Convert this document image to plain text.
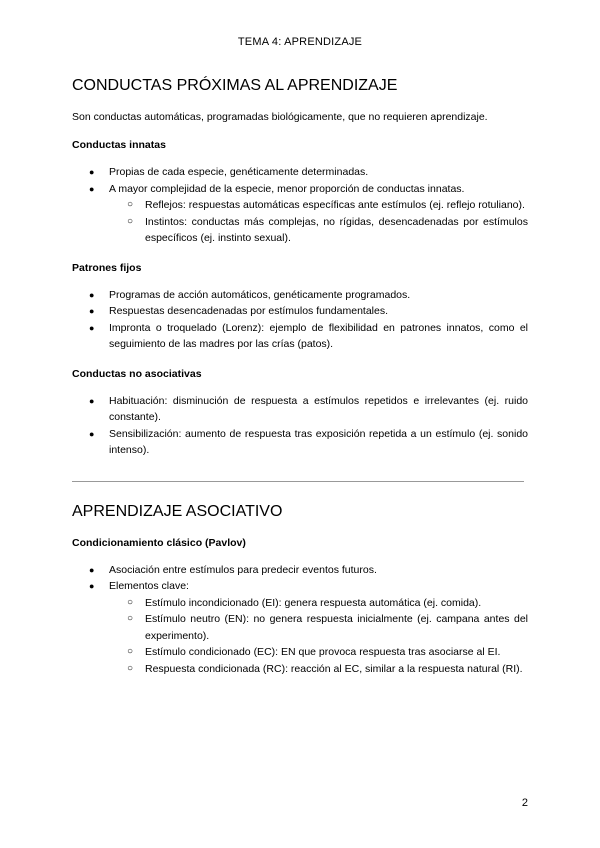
TEMA 4: APRENDIZAJE
CONDUCTAS PRÓXIMAS AL APRENDIZAJE

Son conductas automáticas, programadas biológicamente, que no requieren aprendizaje.

Conductas innatas
● Propias de cada especie, genéticamente determinadas.
● A mayor complejidad de la especie, menor proporción de conductas innatas.
○ Reflejos: respuestas automáticas específicas ante estímulos (ej. reflejo rotuliano).
○ Instintos: conductas más complejas, no rígidas, desencadenadas por estímulos específicos (ej. instinto sexual).
Patrones fijos
● Programas de acción automáticos, genéticamente programados.
● Respuestas desencadenadas por estímulos fundamentales.
● Impronta o troquelado (Lorenz): ejemplo de flexibilidad en patrones innatos, como el seguimiento de las madres por las crías (patos).
Conductas no asociativas
● Habituación: disminución de respuesta a estímulos repetidos e irrelevantes (ej. ruido constante).
● Sensibilización: aumento de respuesta tras exposición repetida a un estímulo (ej. sonido intenso).
APRENDIZAJE ASOCIATIVO
Condicionamiento clásico (Pavlov)
● Asociación entre estímulos para predecir eventos futuros.
● Elementos clave:
○ Estímulo incondicionado (EI): genera respuesta automática (ej. comida).
○ Estímulo neutro (EN): no genera respuesta inicialmente (ej. campana antes del experimento).
○ Estímulo condicionado (EC): EN que provoca respuesta tras asociarse al EI.
○ Respuesta condicionada (RC): reacción al EC, similar a la respuesta natural (RI).
2
